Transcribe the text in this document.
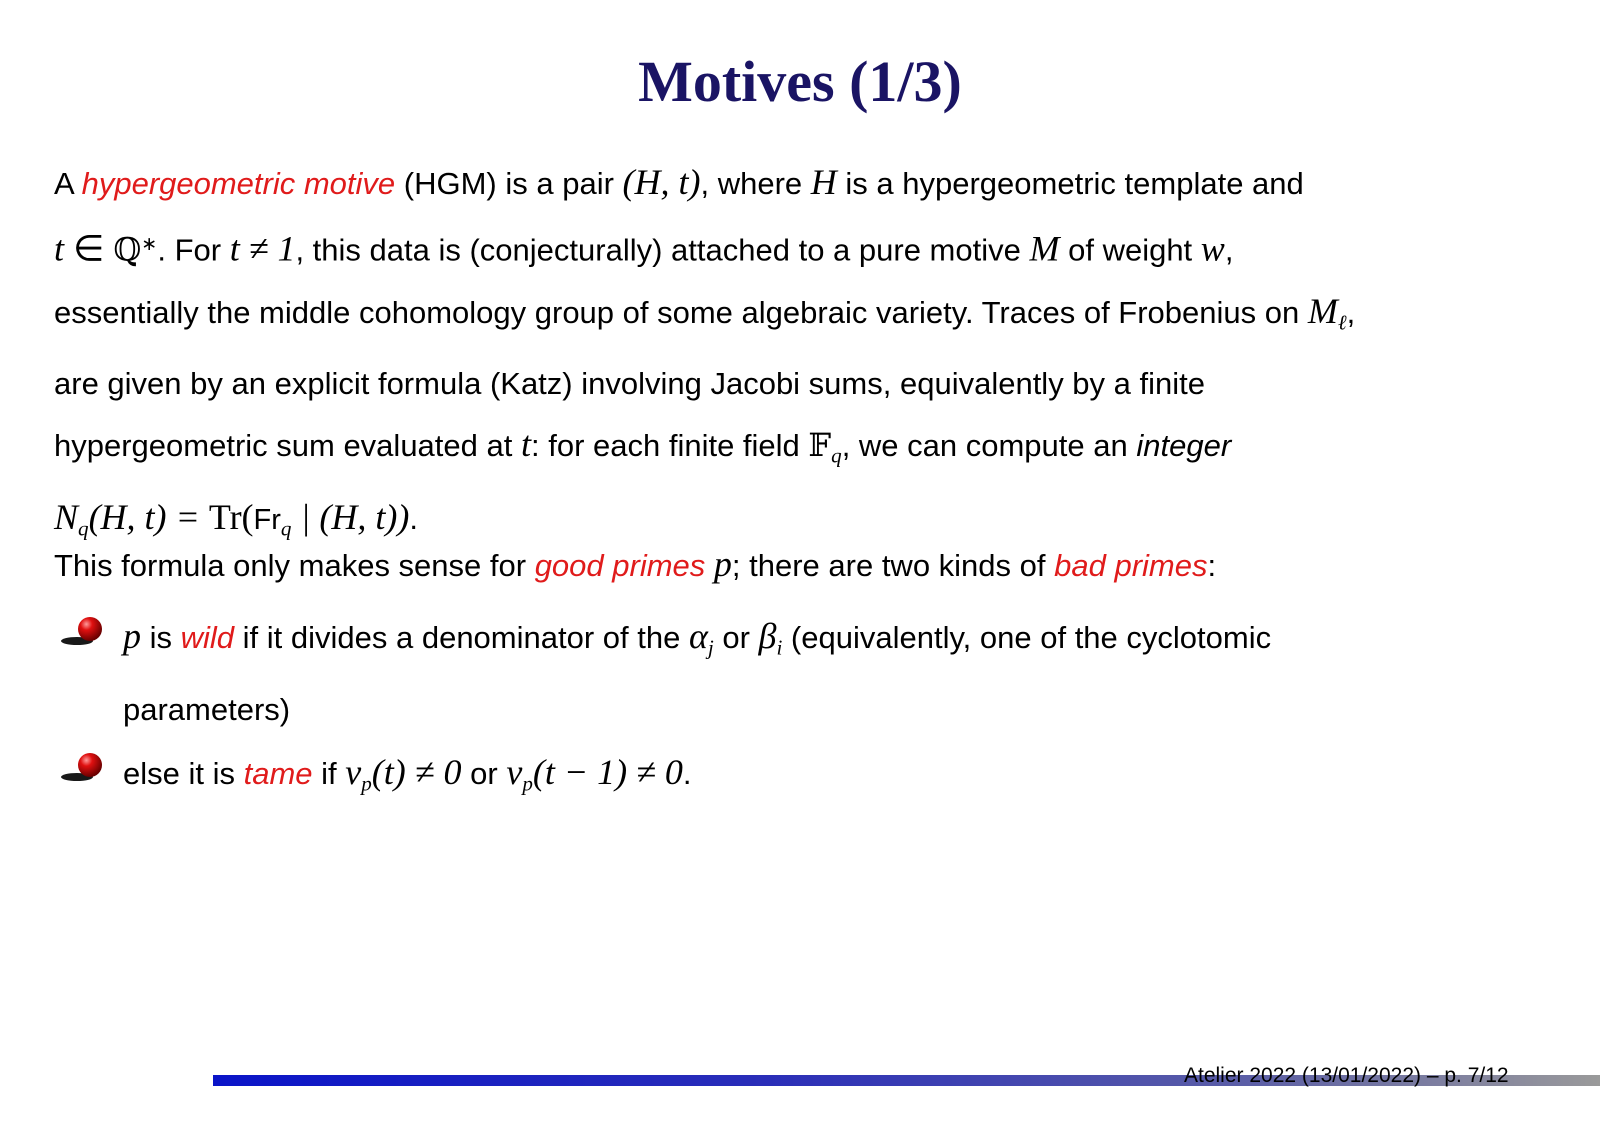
Motives (1/3)
A hypergeometric motive (HGM) is a pair (H, t), where H is a hypergeometric template and
t ∈ ℚ∗. For t ≠ 1, this data is (conjecturally) attached to a pure motive M of weight w,
essentially the middle cohomology group of some algebraic variety. Traces of Frobenius on $M_\ell$,
are given by an explicit formula (Katz) involving Jacobi sums, equivalently by a finite
hypergeometric sum evaluated at t: for each finite field 𝔽$_q$, we can compute an integer
$N_q(H$, $t) = Tr(Fr_q$ | (H, t)).
This formula only makes sense for good primes p; there are two kinds of bad primes:
p is wild if it divides a denominator of the $\alpha_j$ or $\beta_i$ (equivalently, one of the cyclotomic
parameters)
else it is tame if $v_p(t) \ne 0$ or $v_p(t - 1) \ne 0$.
Atelier 2022 (13/01/2022) – p. 7/12
